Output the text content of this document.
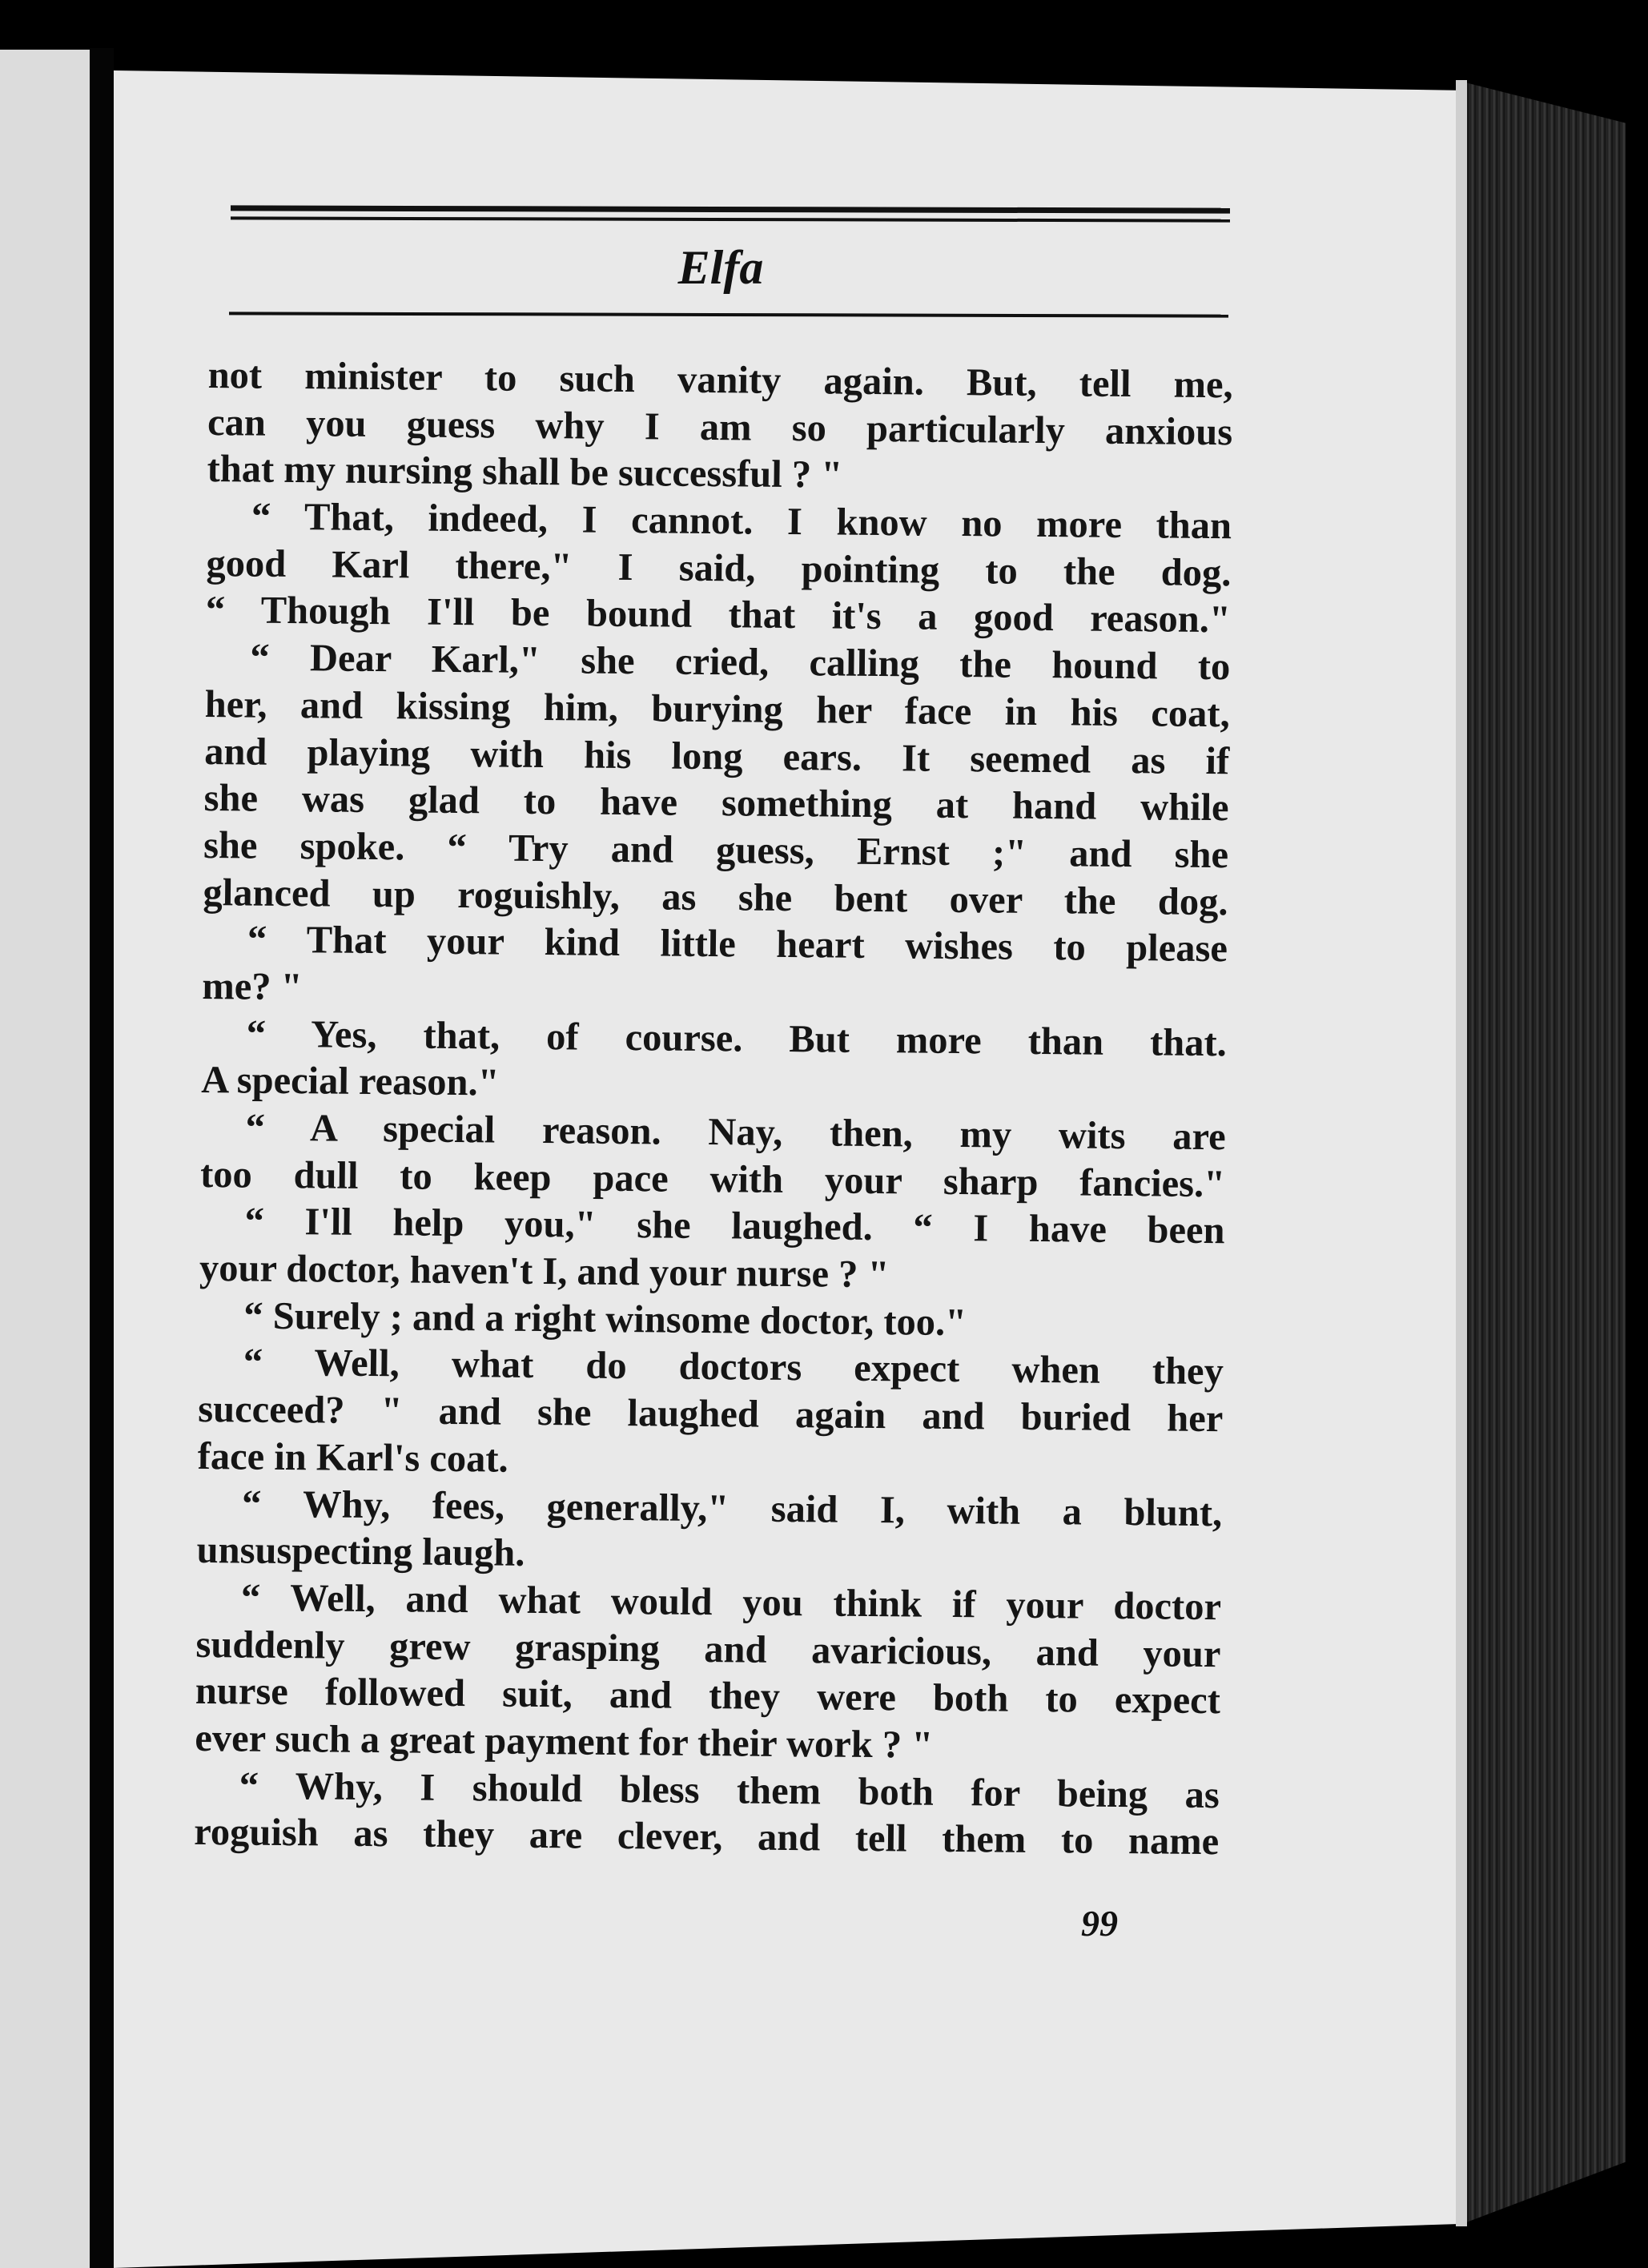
Elfa
not minister to such vanity again. But, tell me,
can you guess why I am so particularly anxious
that my nursing shall be successful ? "
“ That, indeed, I cannot. I know no more than
good Karl there," I said, pointing to the dog.
“ Though I'll be bound that it's a good reason."
“ Dear Karl," she cried, calling the hound to
her, and kissing him, burying her face in his coat,
and playing with his long ears. It seemed as if
she was glad to have something at hand while
she spoke. “ Try and guess, Ernst ;" and she
glanced up roguishly, as she bent over the dog.
“ That your kind little heart wishes to please
me? "
“ Yes, that, of course. But more than that.
A special reason."
“ A special reason. Nay, then, my wits are
too dull to keep pace with your sharp fancies."
“ I'll help you," she laughed. “ I have been
your doctor, haven't I, and your nurse ? "
“ Surely ; and a right winsome doctor, too."
“ Well, what do doctors expect when they
succeed? " and she laughed again and buried her
face in Karl's coat.
“ Why, fees, generally," said I, with a blunt,
unsuspecting laugh.
“ Well, and what would you think if your doctor
suddenly grew grasping and avaricious, and your
nurse followed suit, and they were both to expect
ever such a great payment for their work ? "
“ Why, I should bless them both for being as
roguish as they are clever, and tell them to name
99
